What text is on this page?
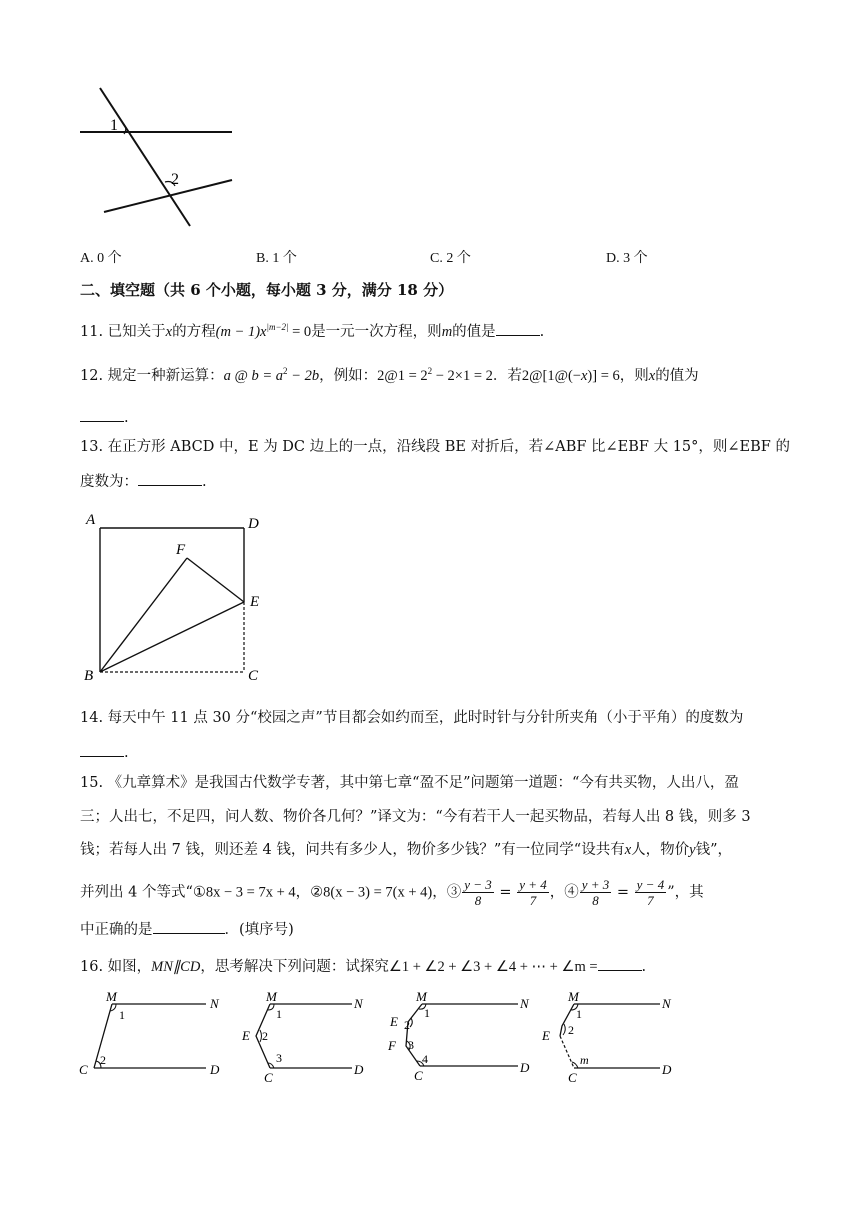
1
2
A. 0 个	B. 1 个	C. 2 个	D. 3 个
二、填空题（共 6 个小题，每小题 3 分，满分 18 分）
11. 已知关于x的方程$(m - 1)x^{|m-2|} = 0$是一元一次方程，则m的值是	.
12. 规定一种新运算：a @ $b = a^2 - 2b$，例如：2@1 = $2^2 - 2\times 1 = 2$．若2@[1@(−x)] = 6，则x的值为
.
13. 在正方形 ABCD 中，E 为 DC 边上的一点，沿线段 BE 对折后，若∠ABF 比∠EBF 大 15°，则∠EBF 的
度数为：	.
A	D
F
E
B	C
14. 每天中午 11 点 30 分“校园之声”节目都会如约而至，此时时针与分针所夹角（小于平角）的度数为
.
15. 《九章算术》是我国古代数学专著，其中第七章“盈不足”问题第一道题：“今有共买物，人出八，盈
三；人出七，不足四，问人数、物价各几何？”译文为：“今有若干人一起买物品，若每人出 8 钱，则多 3
钱；若每人出 7 钱，则还差 4 钱，问共有多少人，物价多少钱？”有一位同学“设共有x人，物价y钱”，
并列出 4 个等式“①8x − 3 = 7x + 4，②8(x − 3) = 7(x + 4)，③ $\frac{y - 3}{8} = \frac{y + 4}{7}$ ，④ $\frac{y + 3}{8} = \frac{y - 4}{7}$ ”，其
中正确的是	．(填序号)
16. 如图，MN∥CD，思考解决下列问题：试探究∠1 + ∠2 + ∠3 + ∠4 + ⋯ + ∠m =	.
M	N
C	D
1
2
M	N
E
C
D
1
2
3
M	N
E
F
C
D
1
2
3
4
M	N
E
C
D
1
2
m
